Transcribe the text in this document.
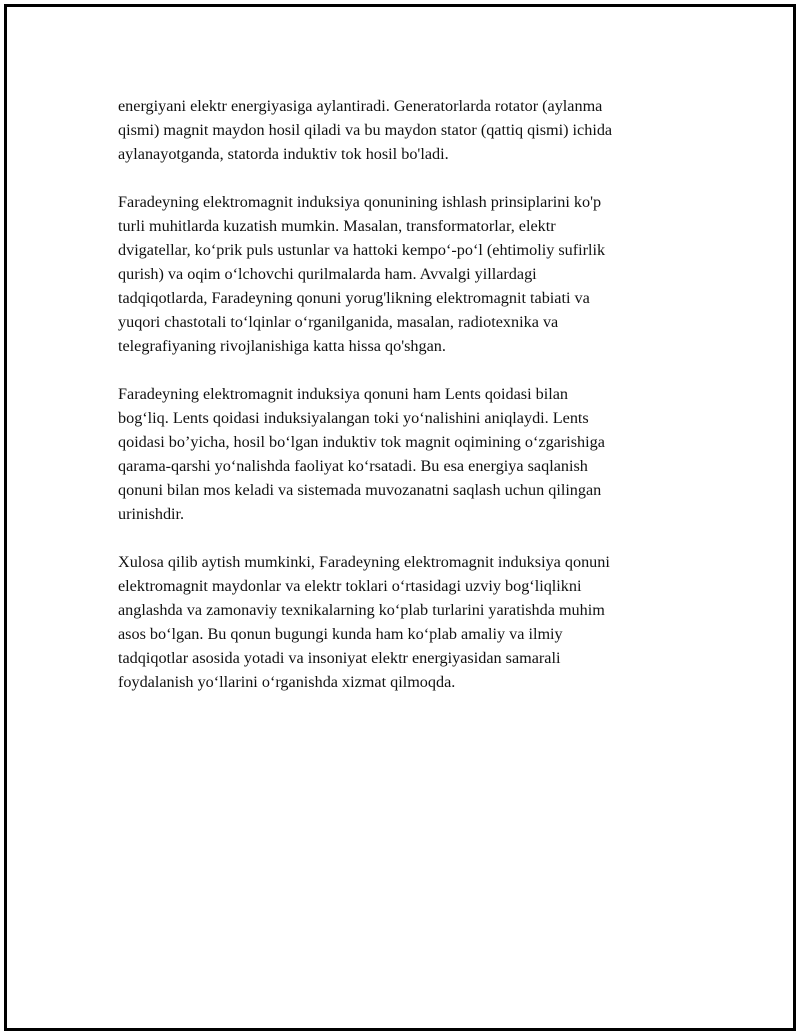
energiyani elektr energiyasiga aylantiradi. Generatorlarda rotator (aylanma
qismi) magnit maydon hosil qiladi va bu maydon stator (qattiq qismi) ichida
aylanayotganda, statorda induktiv tok hosil bo'ladi.

Faradeyning elektromagnit induksiya qonunining ishlash prinsiplarini ko'p
turli muhitlarda kuzatish mumkin. Masalan, transformatorlar, elektr
dvigatellar, ko‘prik puls ustunlar va hattoki kempo‘-po‘l (ehtimoliy sufirlik
qurish) va oqim o‘lchovchi qurilmalarda ham. Avvalgi yillardagi
tadqiqotlarda, Faradeyning qonuni yorug'likning elektromagnit tabiati va
yuqori chastotali to‘lqinlar o‘rganilganida, masalan, radiotexnika va
telegrafiyaning rivojlanishiga katta hissa qo'shgan.

Faradeyning elektromagnit induksiya qonuni ham Lents qoidasi bilan
bog‘liq. Lents qoidasi induksiyalangan toki yo‘nalishini aniqlaydi. Lents
qoidasi bo’yicha, hosil bo‘lgan induktiv tok magnit oqimining o‘zgarishiga
qarama-qarshi yo‘nalishda faoliyat ko‘rsatadi. Bu esa energiya saqlanish
qonuni bilan mos keladi va sistemada muvozanatni saqlash uchun qilingan
urinishdir.

Xulosa qilib aytish mumkinki, Faradeyning elektromagnit induksiya qonuni
elektromagnit maydonlar va elektr toklari o‘rtasidagi uzviy bog‘liqlikni
anglashda va zamonaviy texnikalarning ko‘plab turlarini yaratishda muhim
asos bo‘lgan. Bu qonun bugungi kunda ham ko‘plab amaliy va ilmiy
tadqiqotlar asosida yotadi va insoniyat elektr energiyasidan samarali
foydalanish yo‘llarini o‘rganishda xizmat qilmoqda.
